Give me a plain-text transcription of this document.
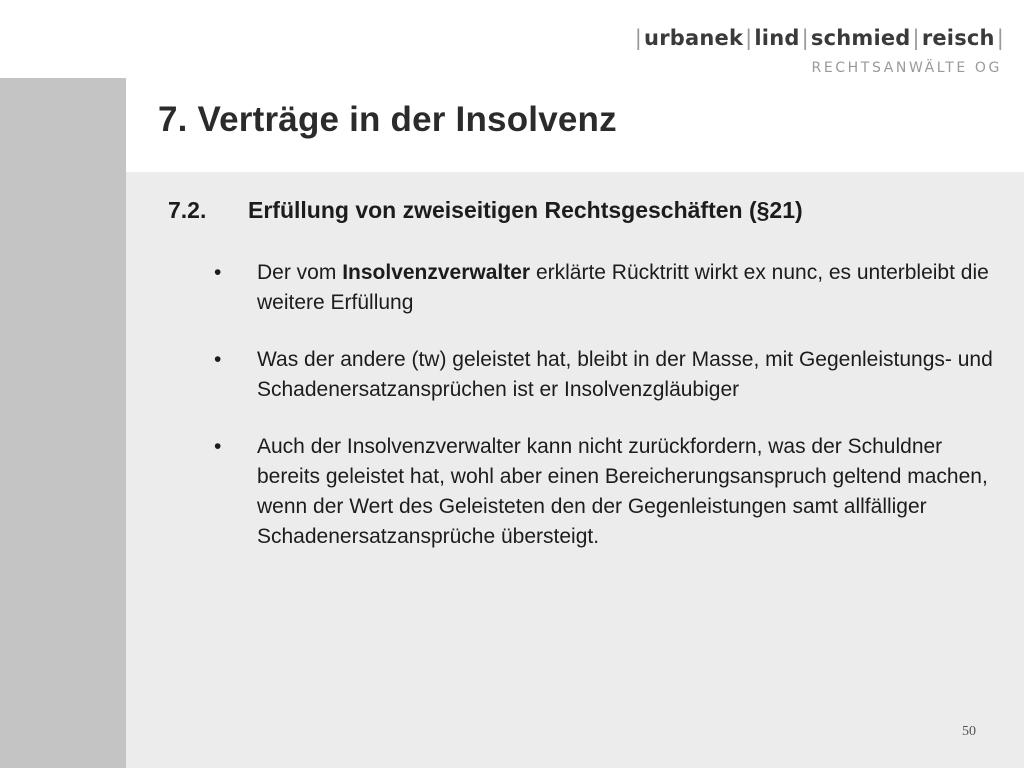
|urbanek|lind|schmied|reisch|
RECHTSANWÄLTE OG
7. Verträge in der Insolvenz
7.2. Erfüllung von zweiseitigen Rechtsgeschäften (§21)
• Der vom Insolvenzverwalter erklärte Rücktritt wirkt ex nunc, es unterbleibt die weitere Erfüllung
• Was der andere (tw) geleistet hat, bleibt in der Masse, mit Gegenleistungs- und Schadenersatzansprüchen ist er Insolvenzgläubiger
• Auch der Insolvenzverwalter kann nicht zurückfordern, was der Schuldner bereits geleistet hat, wohl aber einen Bereicherungsanspruch geltend machen, wenn der Wert des Geleisteten den der Gegenleistungen samt allfälliger Schadenersatzansprüche übersteigt.
50
